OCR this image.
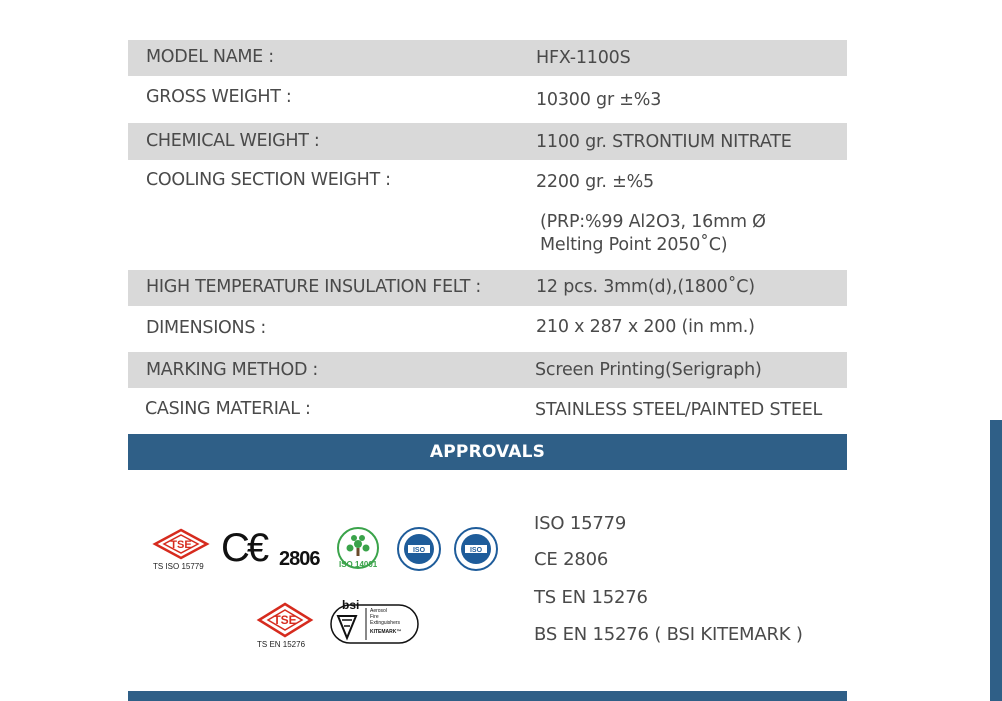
MODEL NAME :	HFX-1100S
GROSS WEIGHT :	10300 gr ±%3
CHEMICAL WEIGHT :	1100 gr. STRONTIUM NITRATE
COOLING SECTION WEIGHT :	2200 gr. ±%5
(PRP:%99 Al2O3, 16mm Ø
Melting Point 2050˚C)
HIGH TEMPERATURE INSULATION FELT :	12 pcs. 3mm(d),(1800˚C)
DIMENSIONS :	210 x 287 x 200 (in mm.)
MARKING METHOD :	Screen Printing(Serigraph)
CASING MATERIAL :	STAINLESS STEEL/PAINTED STEEL
APPROVALS
TSE
TS ISO 15779 C€ 2806 ISO 14001
ISO	ISO
TSE
TS EN 15276
bsi Aerosol
Fire
Extinguishers
KITEMARK™
ISO 15779
CE 2806
TS EN 15276
BS EN 15276 ( BSI KITEMARK )
